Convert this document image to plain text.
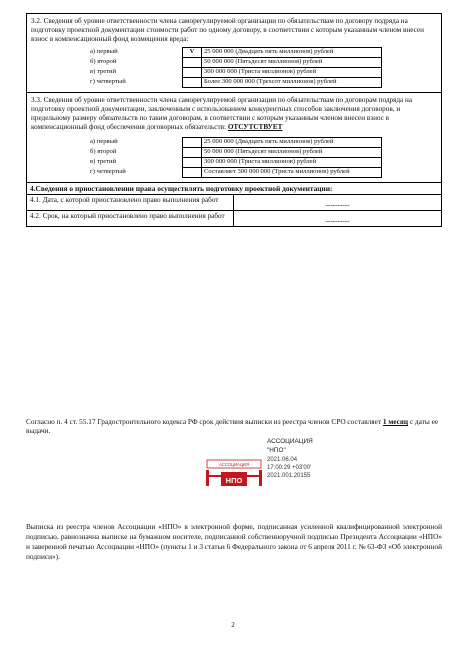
3.2. Сведения об уровне ответственности члена саморегулируемой организации по обязательствам по договору подряда на подготовку проектной документации стоимости работ по одному договору, в соответствии с которым указанным членом внесен взнос в компенсационный фонд возмещения вреда:
а) первый	V	25 000 000 (Двадцать пять миллионов) рублей
б) второй		50 000 000 (Пятьдесят миллионов) рублей
в) третий		300 000 000 (Триста миллионов) рублей
г) четвертый		Более 300 000 000 (Трехсот миллионов) рублей
3.3. Сведения об уровне ответственности члена саморегулируемой организации по обязательствам по договорам подряда на подготовку проектной документации, заключенным с использованием конкурентных способов заключения договоров, и предельному размеру обязательств по таким договорам, в соответствии с которым указанным членом внесен взнос в компенсационный фонд обеспечения договорных обязательств: ОТСУТСТВУЕТ
а) первый		25 000 000 (Двадцать пять миллионов) рублей
б) второй		50 000 000 (Пятьдесят миллионов) рублей
в) третий		300 000 000 (Триста миллионов) рублей
г) четвертый		Составляет 300 000 000 (Триста миллионов) рублей
4.Сведения о приостановлении права осуществлять подготовку проектной документации:
4.1. Дата, с которой приостановлено право выполнения работ
----------
4.2. Срок, на который приостановлено право выполнения работ
----------
Согласно п. 4 ст. 55.17 Градостроительного кодекса РФ срок действия выписки из реестра членов СРО составляет 1 месяц с даты ее выдачи.
АССОЦИАЦИЯ
НПО
АССОЦИАЦИЯ
"НПО"
2021.06.04
17:00:29 +03'00'
2021.001.20155
Выписка из реестра членов Ассоциации «НПО» в электронной форме, подписанная усиленной квалифицированной электронной подписью, равнозначна выписке на бумажном носителе, подписанной собственноручной подписью Президента Ассоциации «НПО» и заверенной печатью Ассоциации «НПО» (пункты 1 и 3 статьи 6 Федерального закона от 6 апреля 2011 г. № 63-ФЗ «Об электронной подписи»).
2
